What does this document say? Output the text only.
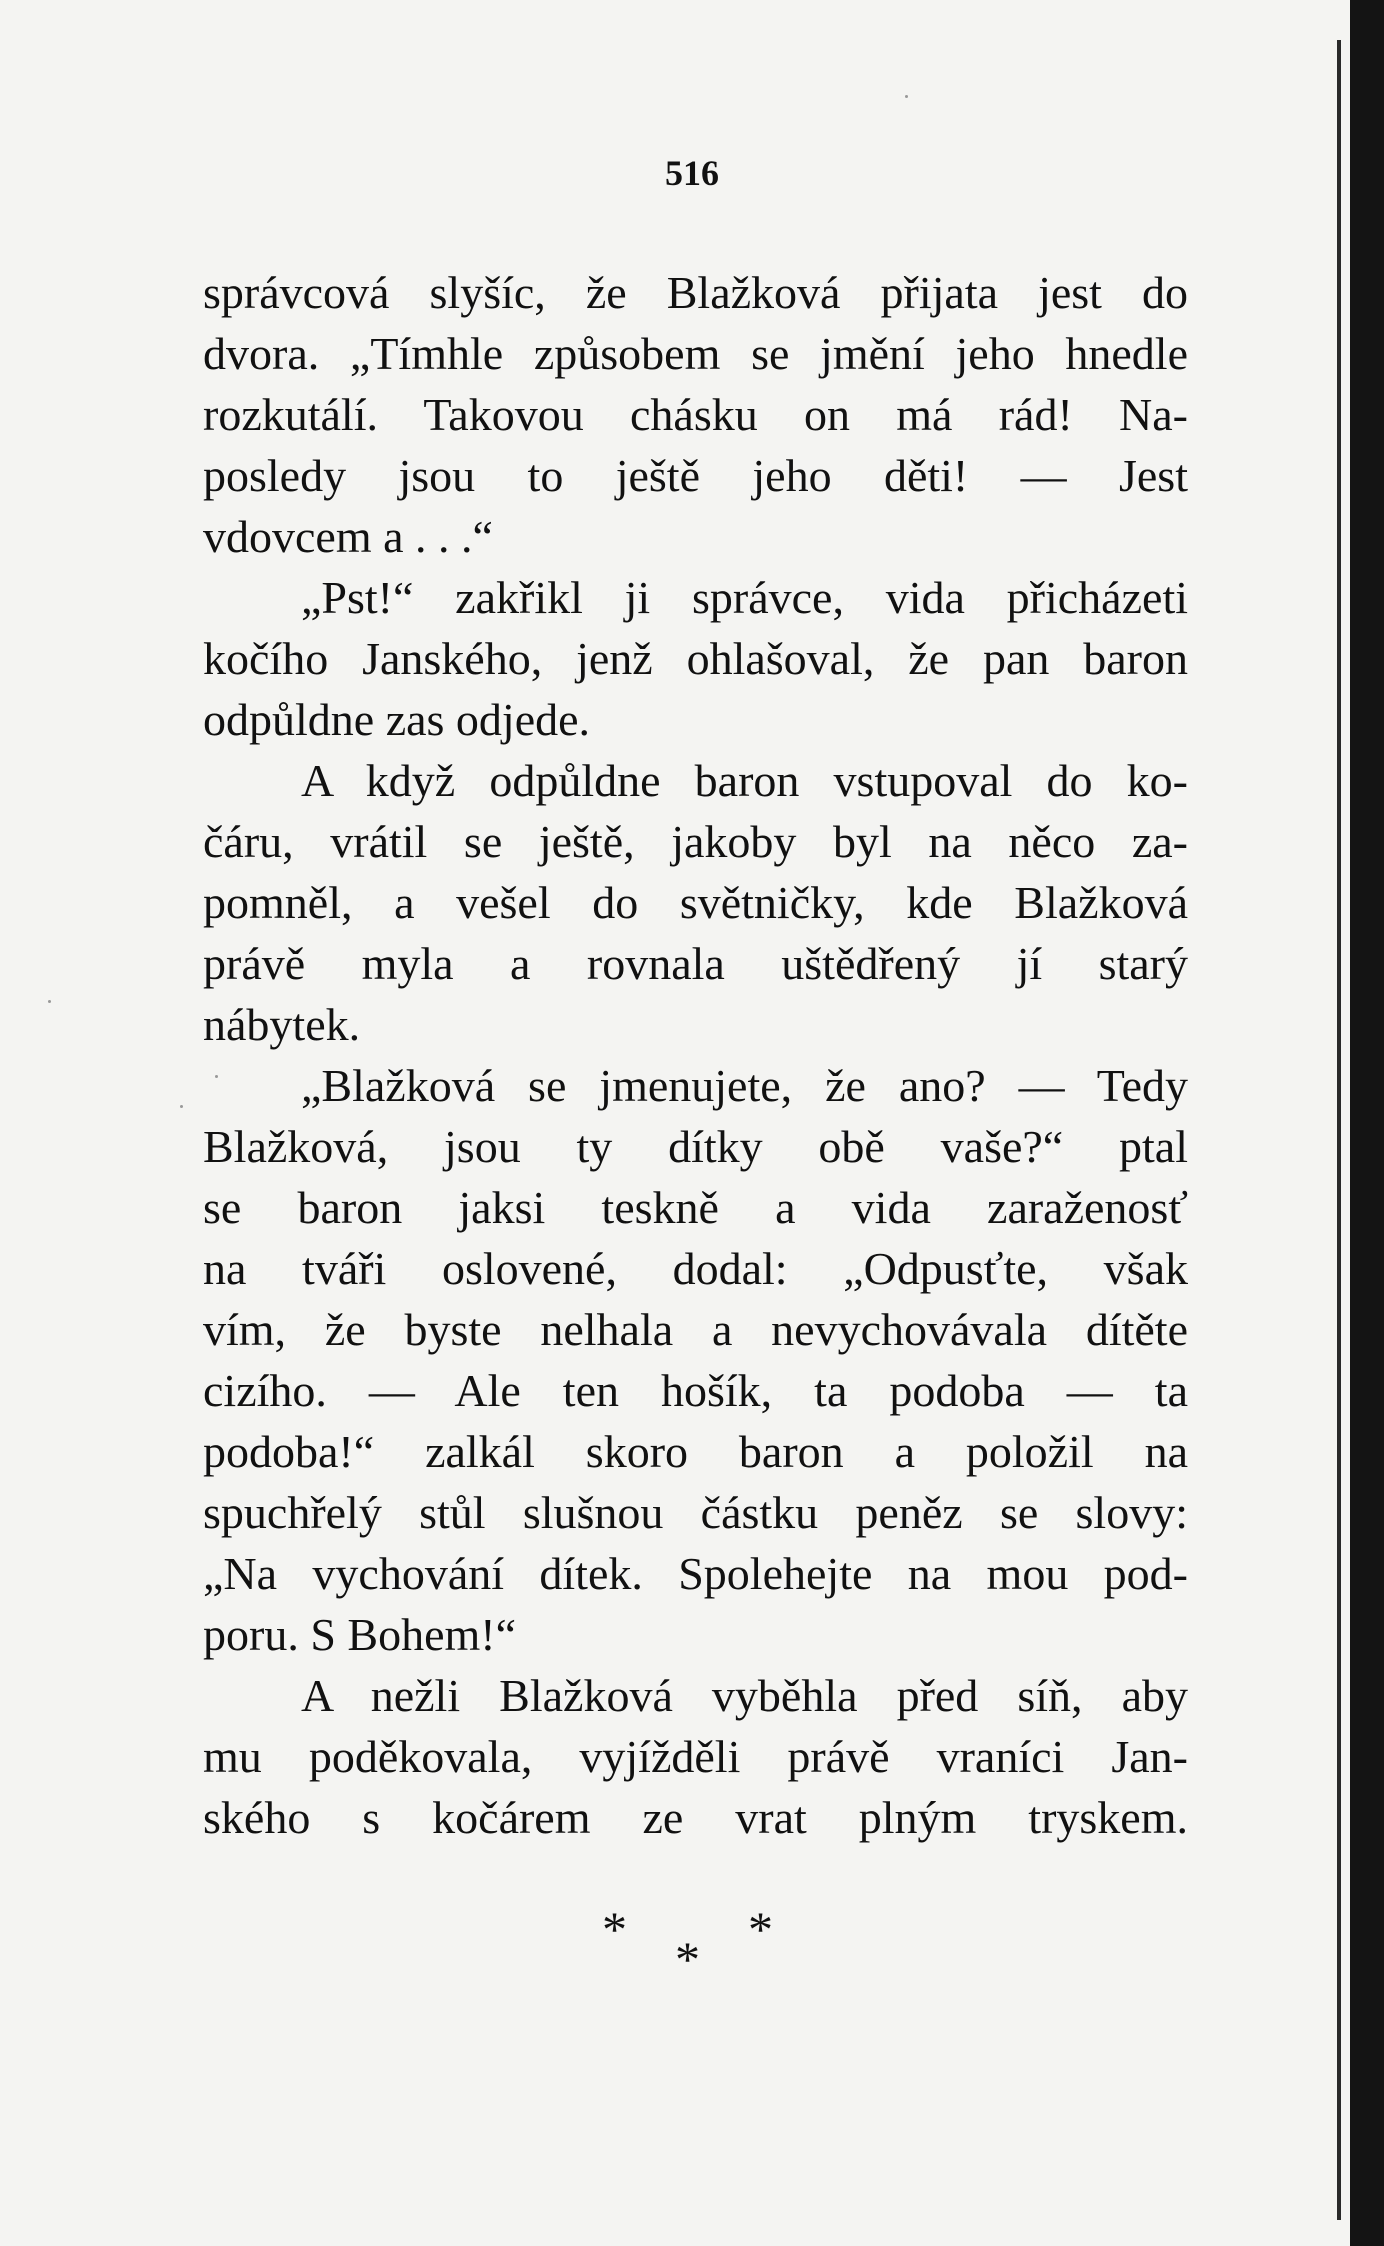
516
správcová slyšíc, že Blažková přijata jest do
dvora. „Tímhle způsobem se jmění jeho hnedle
rozkutálí. Takovou chásku on má rád! Na-
posledy jsou to ještě jeho děti! — Jest
vdovcem a . . .“
„Pst!“ zakřikl ji správce, vida přicházeti
kočího Janského, jenž ohlašoval, že pan baron
odpůldne zas odjede.
A když odpůldne baron vstupoval do ko-
čáru, vrátil se ještě, jakoby byl na něco za-
pomněl, a vešel do světničky, kde Blažková
právě myla a rovnala uštědřený jí starý
nábytek.
„Blažková se jmenujete, že ano? — Tedy
Blažková, jsou ty dítky obě vaše?“ ptal
se baron jaksi teskně a vida zaraženosť
na tváři oslovené, dodal: „Odpusťte, však
vím, že byste nelhala a nevychovávala dítěte
cizího. — Ale ten hošík, ta podoba — ta
podoba!“ zalkál skoro baron a položil na
spuchřelý stůl slušnou částku peněz se slovy:
„Na vychování dítek. Spolehejte na mou pod-
poru. S Bohem!“
A nežli Blažková vyběhla před síň, aby
mu poděkovala, vyjížděli právě vraníci Jan-
ského s kočárem ze vrat plným tryskem.
* *
*
